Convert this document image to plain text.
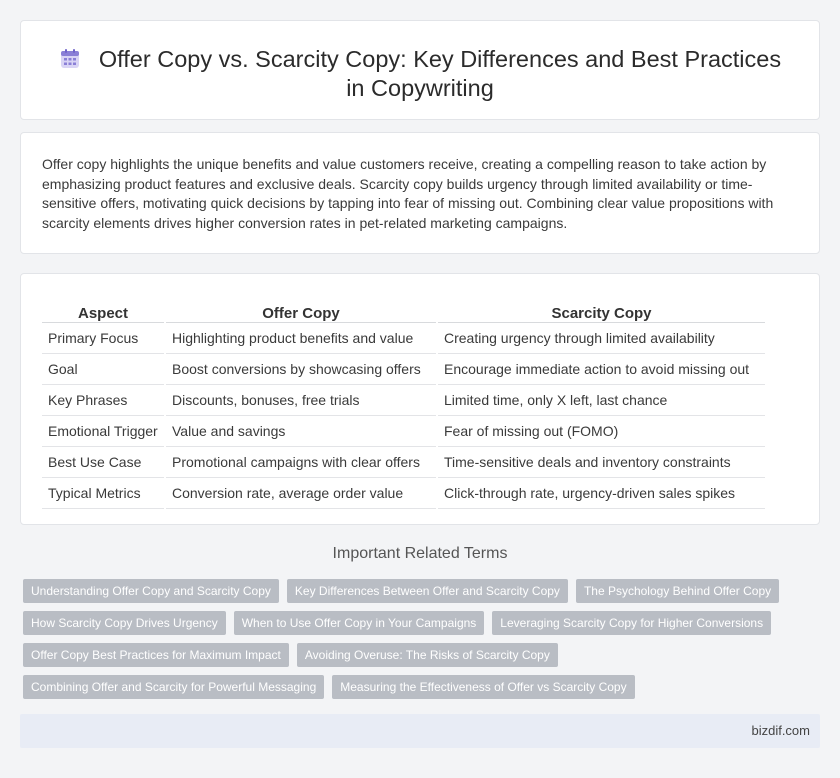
Offer Copy vs. Scarcity Copy: Key Differences and Best Practices in Copywriting

Offer copy highlights the unique benefits and value customers receive, creating a compelling reason to take action by emphasizing product features and exclusive deals. Scarcity copy builds urgency through limited availability or time-sensitive offers, motivating quick decisions by tapping into fear of missing out. Combining clear value propositions with scarcity elements drives higher conversion rates in pet-related marketing campaigns.

Aspect	Offer Copy	Scarcity Copy
Primary Focus	Highlighting product benefits and value	Creating urgency through limited availability
Goal	Boost conversions by showcasing offers	Encourage immediate action to avoid missing out
Key Phrases	Discounts, bonuses, free trials	Limited time, only X left, last chance
Emotional Trigger	Value and savings	Fear of missing out (FOMO)
Best Use Case	Promotional campaigns with clear offers	Time-sensitive deals and inventory constraints
Typical Metrics	Conversion rate, average order value	Click-through rate, urgency-driven sales spikes
Important Related Terms
Understanding Offer Copy and Scarcity Copy	Key Differences Between Offer and Scarcity Copy	The Psychology Behind Offer Copy
How Scarcity Copy Drives Urgency	When to Use Offer Copy in Your Campaigns	Leveraging Scarcity Copy for Higher Conversions
Offer Copy Best Practices for Maximum Impact	Avoiding Overuse: The Risks of Scarcity Copy
Combining Offer and Scarcity for Powerful Messaging	Measuring the Effectiveness of Offer vs Scarcity Copy
bizdif.com
